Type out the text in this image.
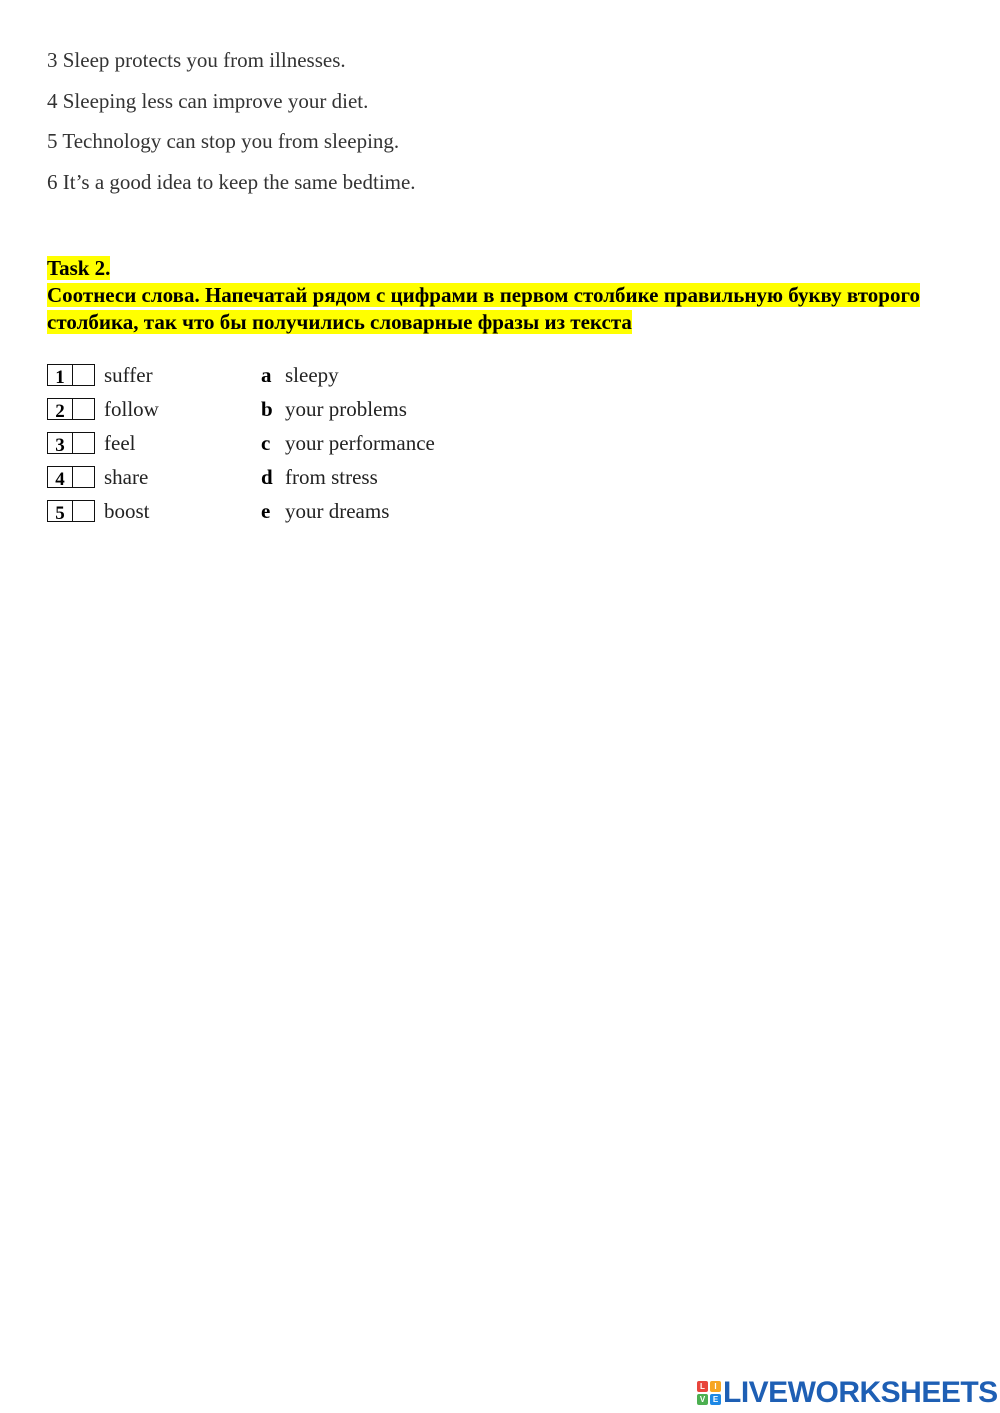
3 Sleep protects you from illnesses.
4 Sleeping less can improve your diet.
5 Technology can stop you from sleeping.
6 It’s a good idea to keep the same bedtime.
Task 2.
Соотнеси слова. Напечатай рядом с цифрами в первом столбике правильную букву второго столбика, так что бы получились словарные фразы из текста
1	suffer	a sleepy
2	follow	b your problems
3	feel	c your performance
4	share	d from stress
5	boost	e your dreams
L	I
V E LIVEWORKSHEETS
